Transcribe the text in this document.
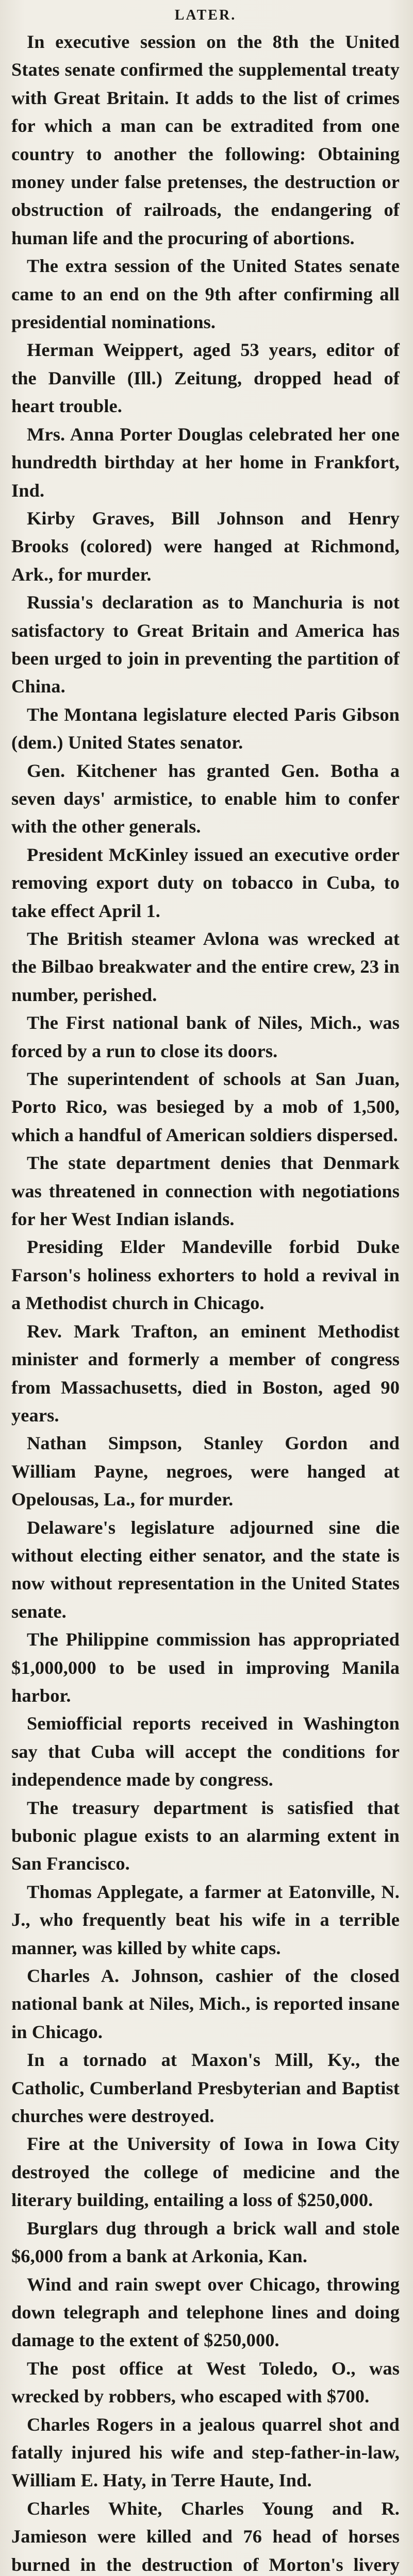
LATER.
In executive session on the 8th the United States senate confirmed the supplemental treaty with Great Britain. It adds to the list of crimes for which a man can be extradited from one country to another the following: Obtaining money under false pretenses, the destruction or obstruction of railroads, the endangering of human life and the procuring of abortions.
The extra session of the United States senate came to an end on the 9th after confirming all presidential nominations.
Herman Weippert, aged 53 years, editor of the Danville (Ill.) Zeitung, dropped head of heart trouble.
Mrs. Anna Porter Douglas celebrated her one hundredth birthday at her home in Frankfort, Ind.
Kirby Graves, Bill Johnson and Henry Brooks (colored) were hanged at Richmond, Ark., for murder.
Russia's declaration as to Manchuria is not satisfactory to Great Britain and America has been urged to join in preventing the partition of China.
The Montana legislature elected Paris Gibson (dem.) United States senator.
Gen. Kitchener has granted Gen. Botha a seven days' armistice, to enable him to confer with the other generals.
President McKinley issued an executive order removing export duty on tobacco in Cuba, to take effect April 1.
The British steamer Avlona was wrecked at the Bilbao breakwater and the entire crew, 23 in number, perished.
The First national bank of Niles, Mich., was forced by a run to close its doors.
The superintendent of schools at San Juan, Porto Rico, was besieged by a mob of 1,500, which a handful of American soldiers dispersed.
The state department denies that Denmark was threatened in connection with negotiations for her West Indian islands.
Presiding Elder Mandeville forbid Duke Farson's holiness exhorters to hold a revival in a Methodist church in Chicago.
Rev. Mark Trafton, an eminent Methodist minister and formerly a member of congress from Massachusetts, died in Boston, aged 90 years.
Nathan Simpson, Stanley Gordon and William Payne, negroes, were hanged at Opelousas, La., for murder.
Delaware's legislature adjourned sine die without electing either senator, and the state is now without representation in the United States senate.
The Philippine commission has appropriated $1,000,000 to be used in improving Manila harbor.
Semiofficial reports received in Washington say that Cuba will accept the conditions for independence made by congress.
The treasury department is satisfied that bubonic plague exists to an alarming extent in San Francisco.
Thomas Applegate, a farmer at Eatonville, N. J., who frequently beat his wife in a terrible manner, was killed by white caps.
Charles A. Johnson, cashier of the closed national bank at Niles, Mich., is reported insane in Chicago.
In a tornado at Maxon's Mill, Ky., the Catholic, Cumberland Presbyterian and Baptist churches were destroyed.
Fire at the University of Iowa in Iowa City destroyed the college of medicine and the literary building, entailing a loss of $250,000.
Burglars dug through a brick wall and stole $6,000 from a bank at Arkonia, Kan.
Wind and rain swept over Chicago, throwing down telegraph and telephone lines and doing damage to the extent of $250,000.
The post office at West Toledo, O., was wrecked by robbers, who escaped with $700.
Charles Rogers in a jealous quarrel shot and fatally injured his wife and step-father-in-law, William E. Haty, in Terre Haute, Ind.
Charles White, Charles Young and R. Jamieson were killed and 76 head of horses burned in the destruction of Morton's livery
